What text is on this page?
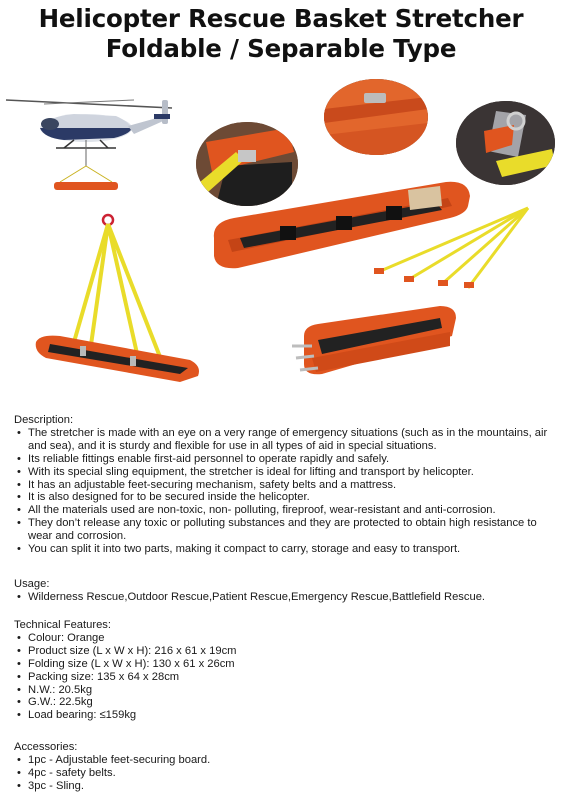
Helicopter Rescue Basket Stretcher
Foldable / Separable Type
Description:
• The stretcher is made with an eye on a very range of emergency situations (such as in the mountains, air and sea), and it is sturdy and flexible for use in all types of aid in special situations.
• Its reliable fittings enable first-aid personnel to operate rapidly and safely.
• With its special sling equipment, the stretcher is ideal for lifting and transport by helicopter.
• It has an adjustable feet-securing mechanism, safety belts and a mattress.
• It is also designed for to be secured inside the helicopter.
• All the materials used are non-toxic, non- polluting, fireproof, wear-resistant and anti-corrosion.
• They don’t release any toxic or polluting substances and they are protected to obtain high resistance to wear and corrosion.
• You can split it into two parts, making it compact to carry, storage and easy to transport.
Usage:
• Wilderness Rescue,Outdoor Rescue,Patient Rescue,Emergency Rescue,Battlefield Rescue.
Technical Features:
• Colour: Orange
• Product size (L x W x H): 216 x 61 x 19cm
• Folding size (L x W x H): 130 x 61 x 26cm
• Packing size: 135 x 64 x 28cm
• N.W.: 20.5kg
• G.W.: 22.5kg
• Load bearing: ≤159kg
Accessories:
• 1pc - Adjustable feet-securing board.
• 4pc - safety belts.
• 3pc - Sling.
